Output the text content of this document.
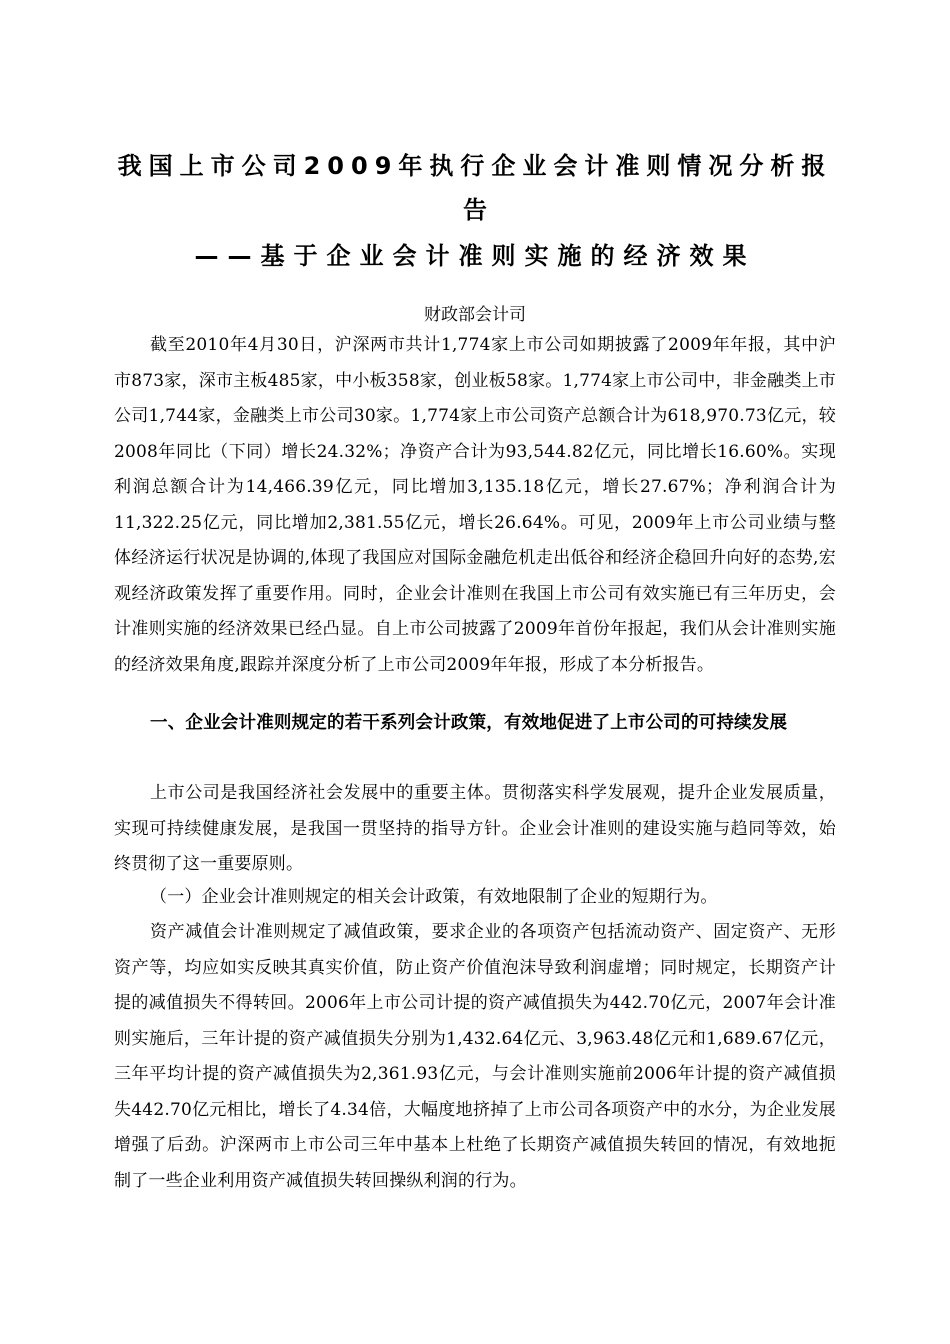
我国上市公司2009年执行企业会计准则情况分析报
告
——基于企业会计准则实施的经济效果

财政部会计司

截至2010年4月30日，沪深两市共计1,774家上市公司如期披露了2009年年报，其中沪市873家，深市主板485家，中小板358家，创业板58家。1,774家上市公司中，非金融类上市公司1,744家，金融类上市公司30家。1,774家上市公司资产总额合计为618,970.73亿元，较2008年同比（下同）增长24.32%；净资产合计为93,544.82亿元，同比增长16.60%。实现利润总额合计为14,466.39亿元，同比增加3,135.18亿元，增长27.67%；净利润合计为11,322.25亿元，同比增加2,381.55亿元，增长26.64%。可见，2009年上市公司业绩与整体经济运行状况是协调的,体现了我国应对国际金融危机走出低谷和经济企稳回升向好的态势,宏观经济政策发挥了重要作用。同时，企业会计准则在我国上市公司有效实施已有三年历史，会计准则实施的经济效果已经凸显。自上市公司披露了2009年首份年报起，我们从会计准则实施的经济效果角度,跟踪并深度分析了上市公司2009年年报，形成了本分析报告。

一、企业会计准则规定的若干系列会计政策，有效地促进了上市公司的可持续发展

上市公司是我国经济社会发展中的重要主体。贯彻落实科学发展观，提升企业发展质量，实现可持续健康发展，是我国一贯坚持的指导方针。企业会计准则的建设实施与趋同等效，始终贯彻了这一重要原则。

（一）企业会计准则规定的相关会计政策，有效地限制了企业的短期行为。

资产减值会计准则规定了减值政策，要求企业的各项资产包括流动资产、固定资产、无形资产等，均应如实反映其真实价值，防止资产价值泡沫导致利润虚增；同时规定，长期资产计提的减值损失不得转回。2006年上市公司计提的资产减值损失为442.70亿元，2007年会计准则实施后，三年计提的资产减值损失分别为1,432.64亿元、3,963.48亿元和1,689.67亿元，三年平均计提的资产减值损失为2,361.93亿元，与会计准则实施前2006年计提的资产减值损失442.70亿元相比，增长了4.34倍，大幅度地挤掉了上市公司各项资产中的水分，为企业发展增强了后劲。沪深两市上市公司三年中基本上杜绝了长期资产减值损失转回的情况，有效地扼制了一些企业利用资产减值损失转回操纵利润的行为。
